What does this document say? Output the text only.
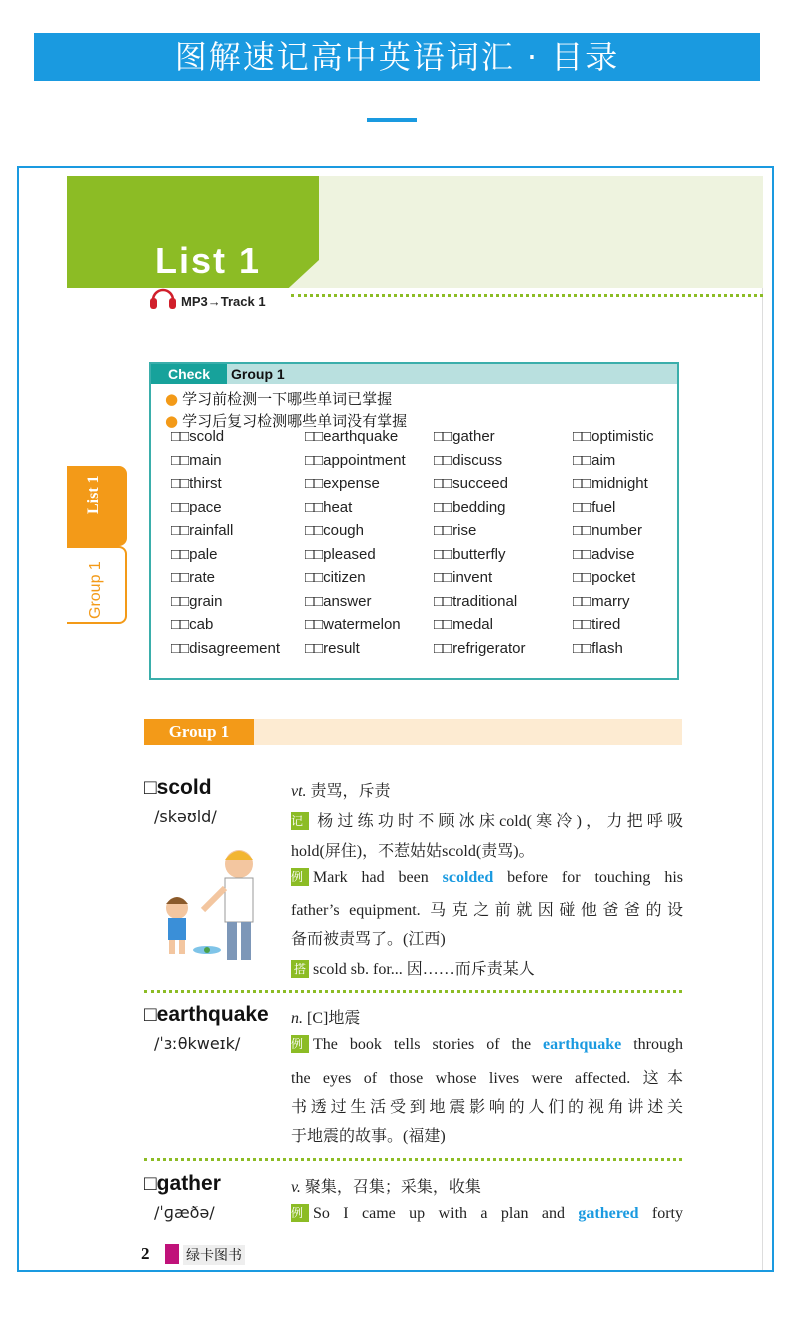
图解速记高中英语词汇 · 目录
List 1
MP3→Track 1
Check	Group 1
● 学习前检测一下哪些单词已掌握
● 学习后复习检测哪些单词没有掌握
□□scold	□□earthquake □□gather	□□optimistic
□□main	□□appointment □□discuss	□□aim
□□thirst	□□expense	□□succeed	□□midnight
□□pace	□□heat	□□bedding	□□fuel
□□rainfall	□□cough	□□rise	□□number
□□pale	□□pleased	□□butterfly	□□advise
□□rate	□□citizen	□□invent	□□pocket
□□grain	□□answer	□□traditional	□□marry
□□cab	□□watermelon □□medal	□□tired
□□disagreement □□result	□□refrigerator	□□flash
List 1
Group 1
Group 1
□scold
/skəʊld/
vt. 责骂，斥责
记 杨过练功时不顾冰床cold(寒冷)，力把呼吸
hold(屏住)，不惹姑姑scold(责骂)。
例 Mark had been scolded before for touching his
father’s equipment. 马克之前就因碰他爸爸的设
备而被责骂了。(江西)
搭 scold sb. for... 因……而斥责某人
□earthquake
/ˈɜːθkweɪk/
n. [C]地震
例 The book tells stories of the earthquake through
the eyes of those whose lives were affected. 这本
书透过生活受到地震影响的人们的视角讲述关
于地震的故事。(福建)
□gather
/ˈɡæðə/
v. 聚集，召集；采集，收集
例 So I came up with a plan and gathered forty
2	绿卡图书
